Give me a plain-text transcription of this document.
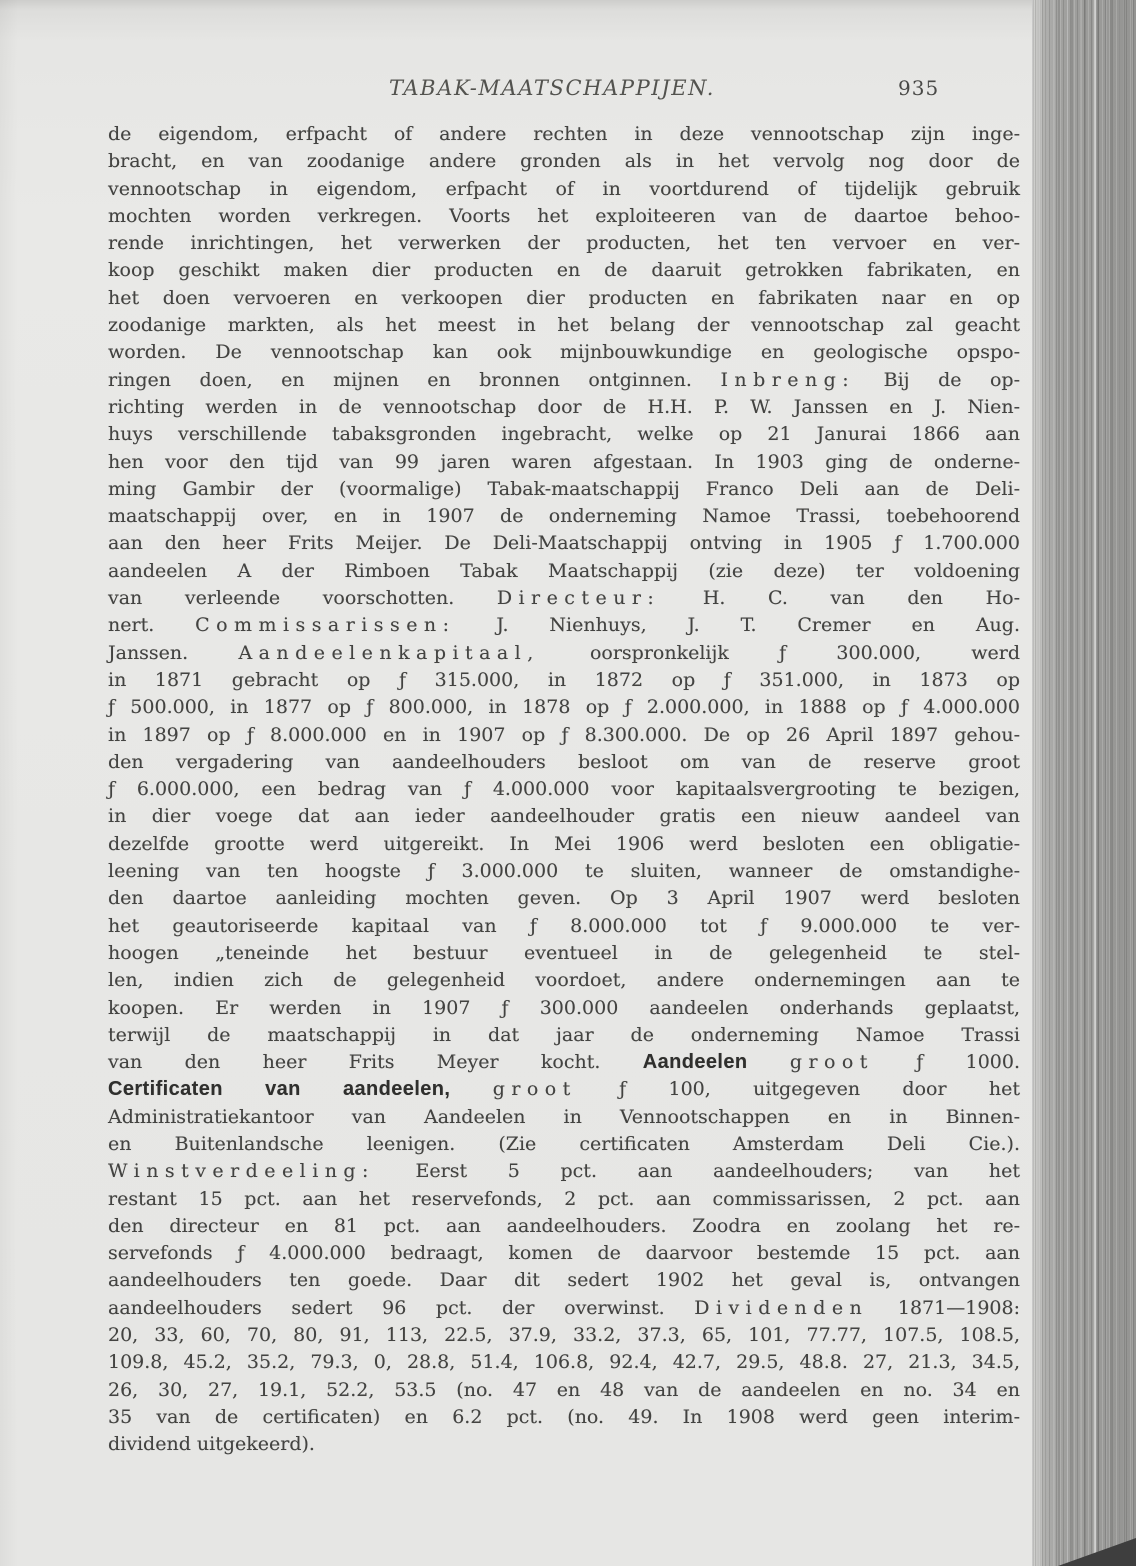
TABAK-MAATSCHAPPIJEN.	935
de eigendom, erfpacht of andere rechten in deze vennootschap zijn inge-
bracht, en van zoodanige andere gronden als in het vervolg nog door de
vennootschap in eigendom, erfpacht of in voortdurend of tijdelijk gebruik
mochten worden verkregen. Voorts het exploiteeren van de daartoe behoo-
rende inrichtingen, het verwerken der producten, het ten vervoer en ver-
koop geschikt maken dier producten en de daaruit getrokken fabrikaten, en
het doen vervoeren en verkoopen dier producten en fabrikaten naar en op
zoodanige markten, als het meest in het belang der vennootschap zal geacht
worden. De vennootschap kan ook mijnbouwkundige en geologische opspo-
ringen doen, en mijnen en bronnen ontginnen. Inbreng: Bij de op-
richting werden in de vennootschap door de H.H. P. W. Janssen en J. Nien-
huys verschillende tabaksgronden ingebracht, welke op 21 Janurai 1866 aan
hen voor den tijd van 99 jaren waren afgestaan. In 1903 ging de onderne-
ming Gambir der (voormalige) Tabak-maatschappij Franco Deli aan de Deli-
maatschappij over, en in 1907 de onderneming Namoe Trassi, toebehoorend
aan den heer Frits Meijer. De Deli-Maatschappij ontving in 1905 ƒ 1.700.000
aandeelen A der Rimboen Tabak Maatschappij (zie deze) ter voldoening
van verleende voorschotten. Directeur: H. C. van den Ho-
nert. Commissarissen: J. Nienhuys, J. T. Cremer en Aug.
Janssen. Aandeelenkapitaal, oorspronkelijk ƒ 300.000, werd
in 1871 gebracht op ƒ 315.000, in 1872 op ƒ 351.000, in 1873 op
ƒ 500.000, in 1877 op ƒ 800.000, in 1878 op ƒ 2.000.000, in 1888 op ƒ 4.000.000
in 1897 op ƒ 8.000.000 en in 1907 op ƒ 8.300.000. De op 26 April 1897 gehou-
den vergadering van aandeelhouders besloot om van de reserve groot
ƒ 6.000.000, een bedrag van ƒ 4.000.000 voor kapitaalsvergrooting te bezigen,
in dier voege dat aan ieder aandeelhouder gratis een nieuw aandeel van
dezelfde grootte werd uitgereikt. In Mei 1906 werd besloten een obligatie-
leening van ten hoogste ƒ 3.000.000 te sluiten, wanneer de omstandighe-
den daartoe aanleiding mochten geven. Op 3 April 1907 werd besloten
het geautoriseerde kapitaal van ƒ 8.000.000 tot ƒ 9.000.000 te ver-
hoogen „teneinde het bestuur eventueel in de gelegenheid te stel-
len, indien zich de gelegenheid voordoet, andere ondernemingen aan te
koopen. Er werden in 1907 ƒ 300.000 aandeelen onderhands geplaatst,
terwijl de maatschappij in dat jaar de onderneming Namoe Trassi
van den heer Frits Meyer kocht. Aandeelen groot ƒ 1000.
Certificaten van aandeelen, groot ƒ 100, uitgegeven door het
Administratiekantoor van Aandeelen in Vennootschappen en in Binnen-
en Buitenlandsche leenigen. (Zie certificaten Amsterdam Deli Cie.).
Winstverdeeling: Eerst 5 pct. aan aandeelhouders; van het
restant 15 pct. aan het reservefonds, 2 pct. aan commissarissen, 2 pct. aan
den directeur en 81 pct. aan aandeelhouders. Zoodra en zoolang het re-
servefonds ƒ 4.000.000 bedraagt, komen de daarvoor bestemde 15 pct. aan
aandeelhouders ten goede. Daar dit sedert 1902 het geval is, ontvangen
aandeelhouders sedert 96 pct. der overwinst. Dividenden 1871—1908:
20, 33, 60, 70, 80, 91, 113, 22.5, 37.9, 33.2, 37.3, 65, 101, 77.77, 107.5, 108.5,
109.8, 45.2, 35.2, 79.3, 0, 28.8, 51.4, 106.8, 92.4, 42.7, 29.5, 48.8. 27, 21.3, 34.5,
26, 30, 27, 19.1, 52.2, 53.5 (no. 47 en 48 van de aandeelen en no. 34 en
35 van de certificaten) en 6.2 pct. (no. 49. In 1908 werd geen interim-
dividend uitgekeerd).
